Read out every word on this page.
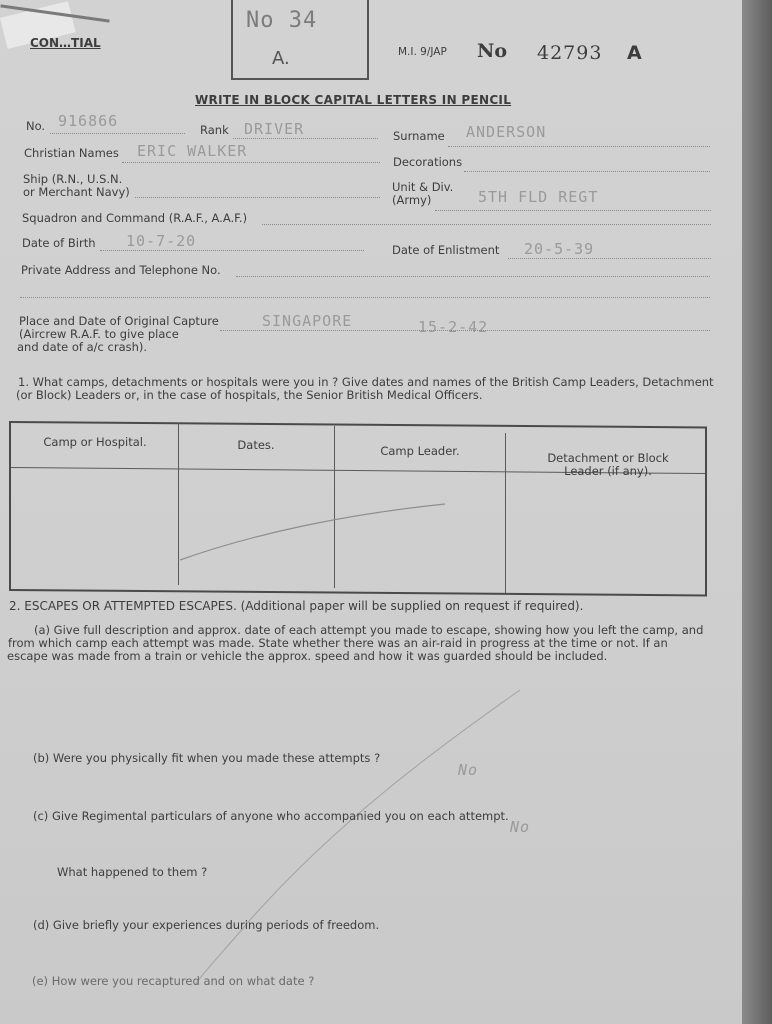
CON…TIAL
No 34
A.	M.I. 9/JAP No 42793 A
WRITE IN BLOCK CAPITAL LETTERS IN PENCIL
No. 916866	Rank DRIVER	Surname ANDERSON
Christian Names ERIC WALKER
Decorations
Ship (R.N., U.S.N.
or Merchant Navy)	Unit & Div.
(Army)	5TH FLD REGT
Squadron and Command (R.A.F., A.A.F.)
Date of Birth 10-7-20	Date of Enlistment 20-5-39
Private Address and Telephone No.
Place and Date of Original Capture
(Aircrew R.A.F. to give place
and date of a/c crash).
SINGAPORE	15-2-42
1. What camps, detachments or hospitals were you in ? Give dates and names of the British Camp Leaders, Detachment
(or Block) Leaders or, in the case of hospitals, the Senior British Medical Officers.
Camp or Hospital.	Dates.	Camp Leader.	Detachment or Block
Leader (if any).
2. ESCAPES OR ATTEMPTED ESCAPES. (Additional paper will be supplied on request if required).
(a) Give full description and approx. date of each attempt you made to escape, showing how you left the camp, and
from which camp each attempt was made. State whether there was an air-raid in progress at the time or not. If an
escape was made from a train or vehicle the approx. speed and how it was guarded should be included.
(b) Were you physically fit when you made these attempts ?
No
(c) Give Regimental particulars of anyone who accompanied you on each attempt.
No
What happened to them ?
(d) Give briefly your experiences during periods of freedom.
(e) How were you recaptured and on what date ?
